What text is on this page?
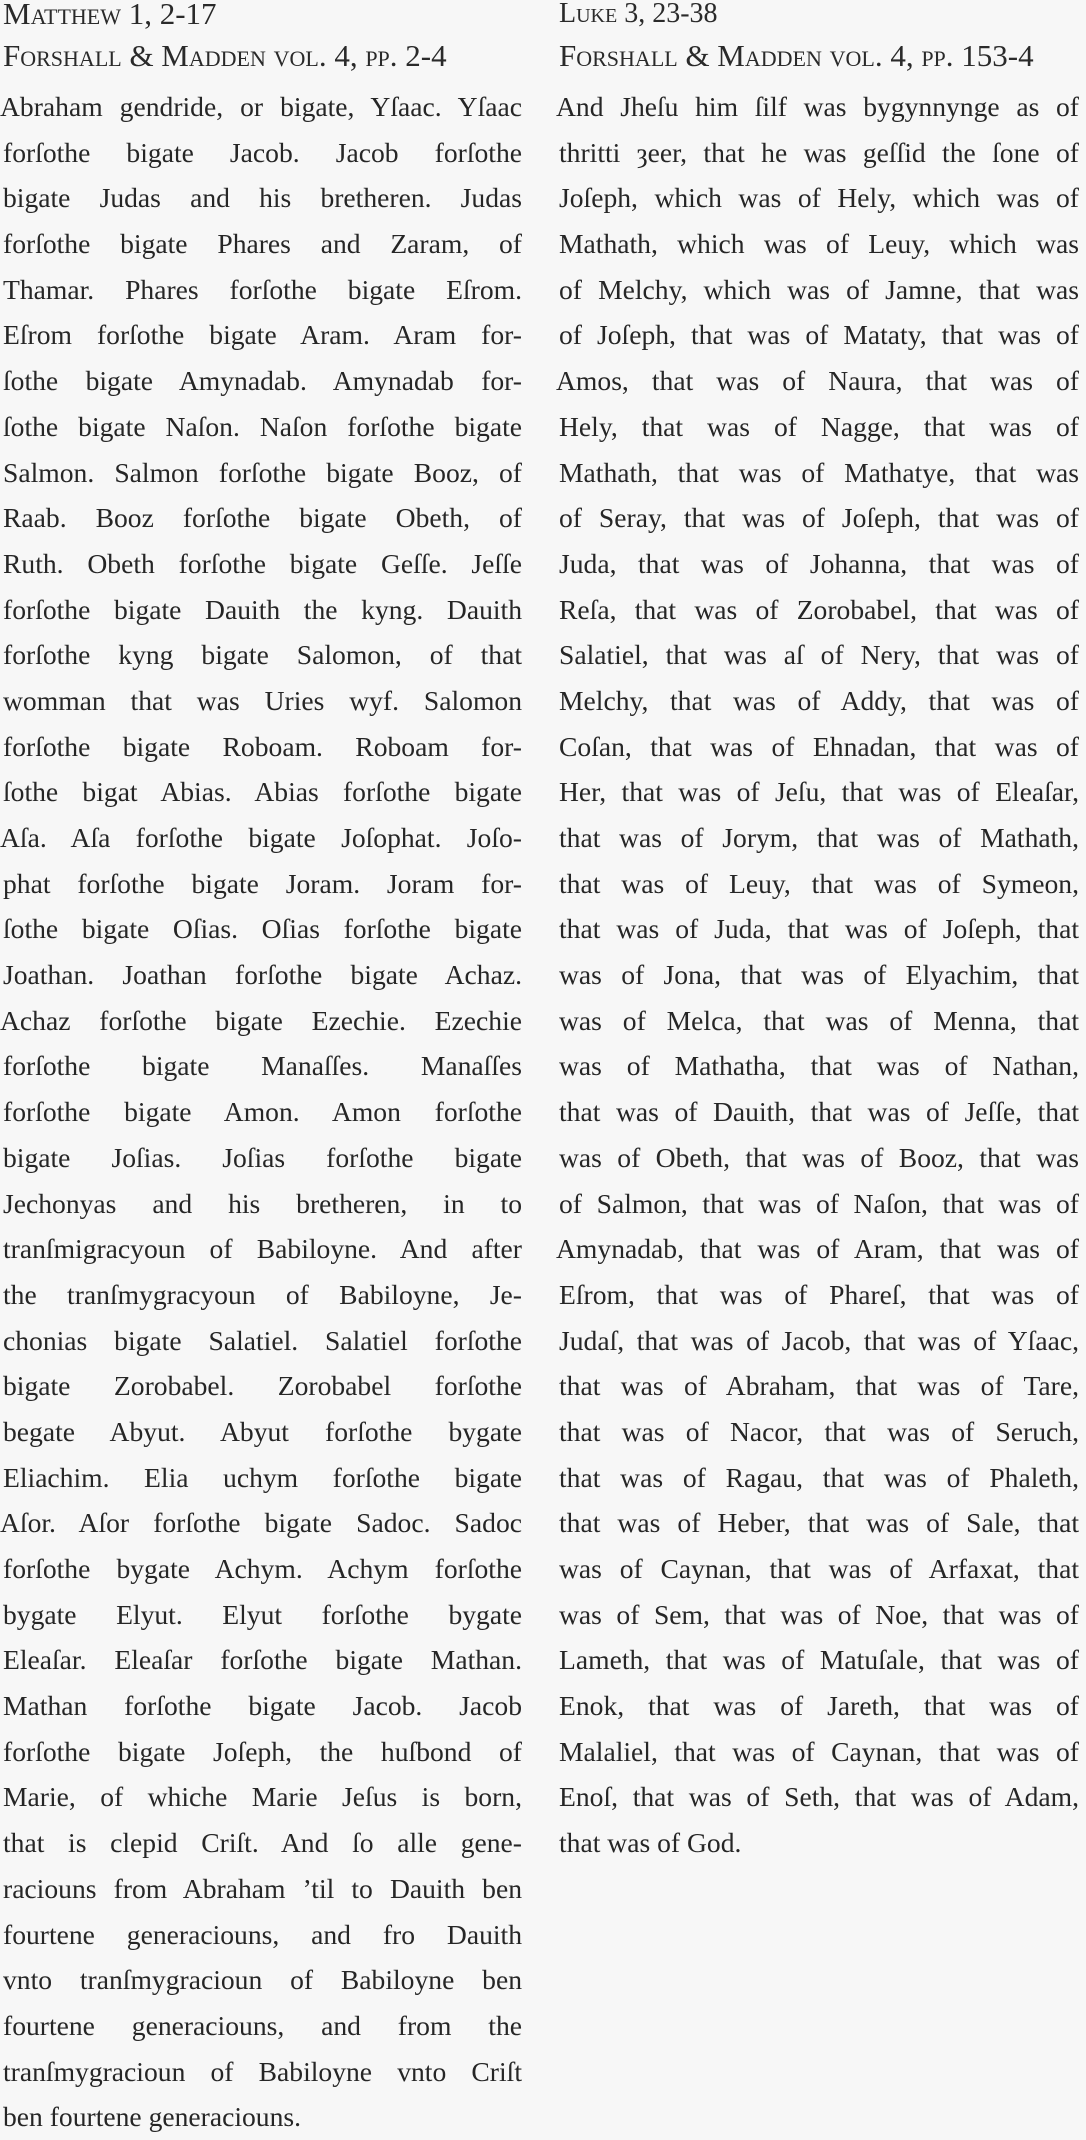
Matthew 1, 2-17
Forshall & Madden vol. 4, pp. 2-4
Abraham gendride, or bigate, Yſaac. Yſaac
forſothe bigate Jacob. Jacob forſothe
bigate Judas and his bretheren. Judas
forſothe bigate Phares and Zaram, of
Thamar. Phares forſothe bigate Eſrom.
Eſrom forſothe bigate Aram. Aram for-
ſothe bigate Amynadab. Amynadab for-
ſothe bigate Naſon. Naſon forſothe bigate
Salmon. Salmon forſothe bigate Booz, of
Raab. Booz forſothe bigate Obeth, of
Ruth. Obeth forſothe bigate Geſſe. Jeſſe
forſothe bigate Dauith the kyng. Dauith
forſothe kyng bigate Salomon, of that
womman that was Uries wyf. Salomon
forſothe bigate Roboam. Roboam for-
ſothe bigat Abias. Abias forſothe bigate
Aſa. Aſa forſothe bigate Joſophat. Joſo-
phat forſothe bigate Joram. Joram for-
ſothe bigate Oſias. Oſias forſothe bigate
Joathan. Joathan forſothe bigate Achaz.
Achaz forſothe bigate Ezechie. Ezechie
forſothe bigate Manaſſes. Manaſſes
forſothe bigate Amon. Amon forſothe
bigate Joſias. Joſias forſothe bigate
Jechonyas and his bretheren, in to
tranſmigracyoun of Babiloyne. And after
the tranſmygracyoun of Babiloyne, Je-
chonias bigate Salatiel. Salatiel forſothe
bigate Zorobabel. Zorobabel forſothe
begate Abyut. Abyut forſothe bygate
Eliachim. Elia uchym forſothe bigate
Aſor. Aſor forſothe bigate Sadoc. Sadoc
forſothe bygate Achym. Achym forſothe
bygate Elyut. Elyut forſothe bygate
Eleaſar. Eleaſar forſothe bigate Mathan.
Mathan forſothe bigate Jacob. Jacob
forſothe bigate Joſeph, the huſbond of
Marie, of whiche Marie Jeſus is born,
that is clepid Criſt. And ſo alle gene-
raciouns from Abraham ’til to Dauith ben
fourtene generaciouns, and fro Dauith
vnto tranſmygracioun of Babiloyne ben
fourtene generaciouns, and from the
tranſmygracioun of Babiloyne vnto Criſt
ben fourtene generaciouns.
Luke 3, 23-38
Forshall & Madden vol. 4, pp. 153-4
And Jheſu him ſilf was bygynnynge as of
thritti ȝeer, that he was geſſid the ſone of
Joſeph, which was of Hely, which was of
Mathath, which was of Leuy, which was
of Melchy, which was of Jamne, that was
of Joſeph, that was of Mataty, that was of
Amos, that was of Naura, that was of
Hely, that was of Nagge, that was of
Mathath, that was of Mathatye, that was
of Seray, that was of Joſeph, that was of
Juda, that was of Johanna, that was of
Reſa, that was of Zorobabel, that was of
Salatiel, that was aſ of Nery, that was of
Melchy, that was of Addy, that was of
Coſan, that was of Ehnadan, that was of
Her, that was of Jeſu, that was of Eleaſar,
that was of Jorym, that was of Mathath,
that was of Leuy, that was of Symeon,
that was of Juda, that was of Joſeph, that
was of Jona, that was of Elyachim, that
was of Melca, that was of Menna, that
was of Mathatha, that was of Nathan,
that was of Dauith, that was of Jeſſe, that
was of Obeth, that was of Booz, that was
of Salmon, that was of Naſon, that was of
Amynadab, that was of Aram, that was of
Eſrom, that was of Phareſ, that was of
Judaſ, that was of Jacob, that was of Yſaac,
that was of Abraham, that was of Tare,
that was of Nacor, that was of Seruch,
that was of Ragau, that was of Phaleth,
that was of Heber, that was of Sale, that
was of Caynan, that was of Arfaxat, that
was of Sem, that was of Noe, that was of
Lameth, that was of Matuſale, that was of
Enok, that was of Jareth, that was of
Malaliel, that was of Caynan, that was of
Enoſ, that was of Seth, that was of Adam,
that was of God.
